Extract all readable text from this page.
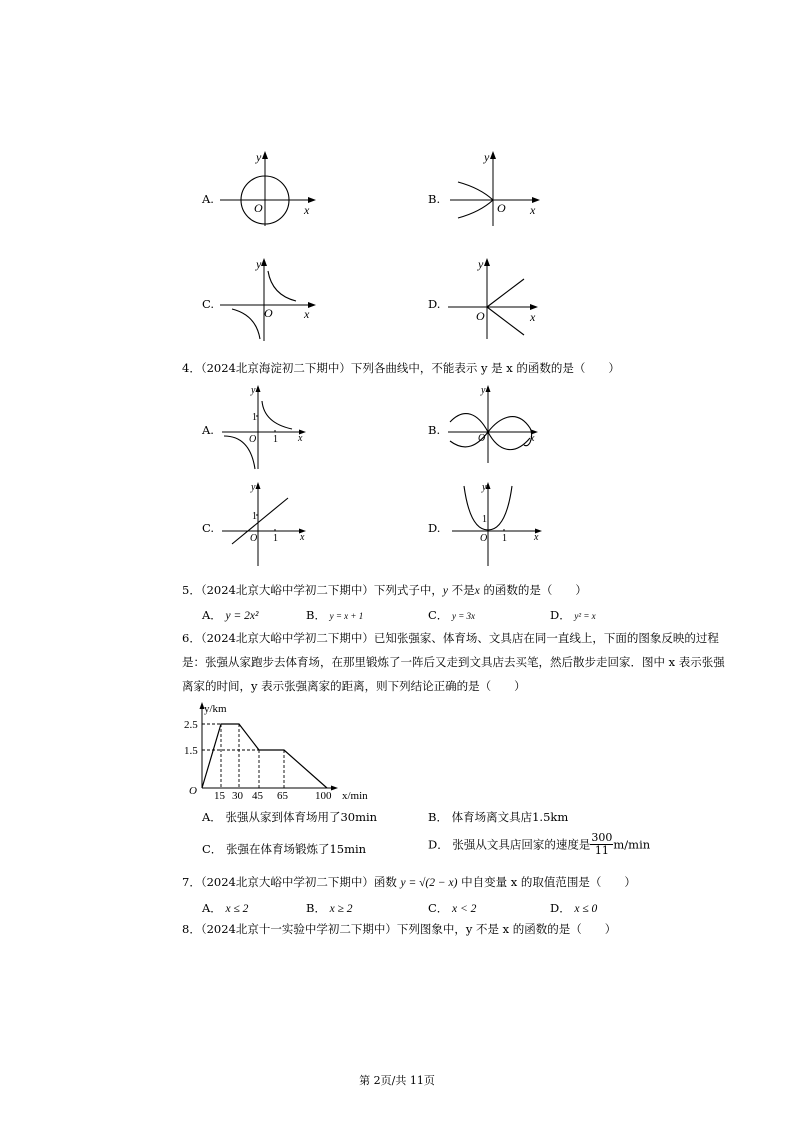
A.
y
x
O
B.
y
x
O
C.
y
x
O
D.
y
x
O
4．（2024北京海淀初二下期中）下列各曲线中，不能表示 y 是 x 的函数的是（　　）
A.
y
x
O 1
1
B.
y
x
O
C.
y
x
O 1
1
D.
y
x
O 1
1
5．（2024北京大峪中学初二下期中）下列式子中，y 不是x 的函数的是（　　）
A． y = 2x²	B． y = x + 1	C． y = 3x	D． y² = x
6．（2024北京大峪中学初二下期中）已知张强家、体育场、文具店在同一直线上，下面的图象反映的过程
是：张强从家跑步去体育场，在那里锻炼了一阵后又走到文具店去买笔，然后散步走回家．图中 x 表示张强
离家的时间，y 表示张强离家的距离，则下列结论正确的是（　　）
y/km
x/min
O
2.5
1.5
15 30 45 65 100
A． 张强从家到体育场用了30min	B． 体育场离文具店1.5km
C． 张强在体育场锻炼了15min	D． 张强从文具店回家的速度是 $\frac{300}{11} m/\min$
7．（2024北京大峪中学初二下期中）函数 y = √(2 − x) 中自变量 x 的取值范围是（　　）
A． x ≤ 2	B． x ≥ 2	C． x < 2	D． x ≤ 0
8．（2024北京十一实验中学初二下期中）下列图象中，y 不是 x 的函数的是（　　）
第 2页/共 11页
